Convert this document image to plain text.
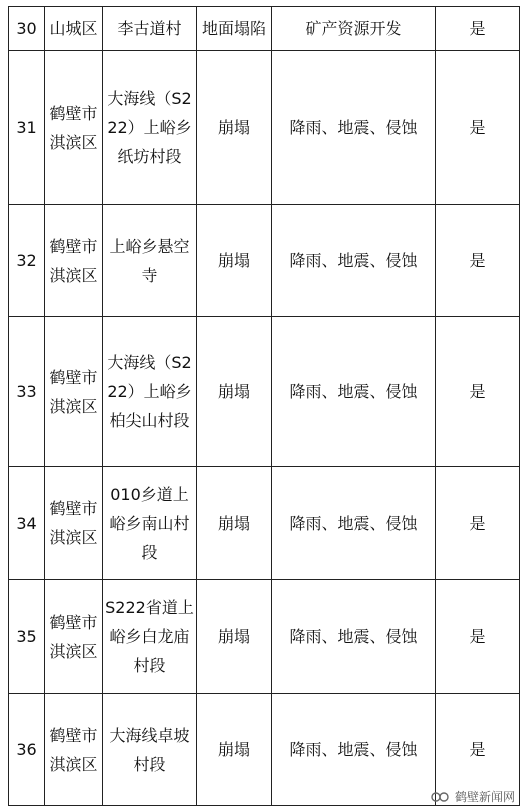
30	山城区	李古道村	地面塌陷	矿产资源开发	是
31	鹤壁市淇滨区	大海线（S222）上峪乡纸坊村段	崩塌	降雨、地震、侵蚀	是
32	鹤壁市淇滨区	上峪乡悬空寺	崩塌	降雨、地震、侵蚀	是
33	鹤壁市淇滨区	大海线（S222）上峪乡柏尖山村段	崩塌	降雨、地震、侵蚀	是
34	鹤壁市淇滨区	010乡道上峪乡南山村段	崩塌	降雨、地震、侵蚀	是
35	鹤壁市淇滨区	S222省道上峪乡白龙庙村段	崩塌	降雨、地震、侵蚀	是
36	鹤壁市淇滨区	大海线卓坡村段	崩塌	降雨、地震、侵蚀	是
鹤壁新闻网
